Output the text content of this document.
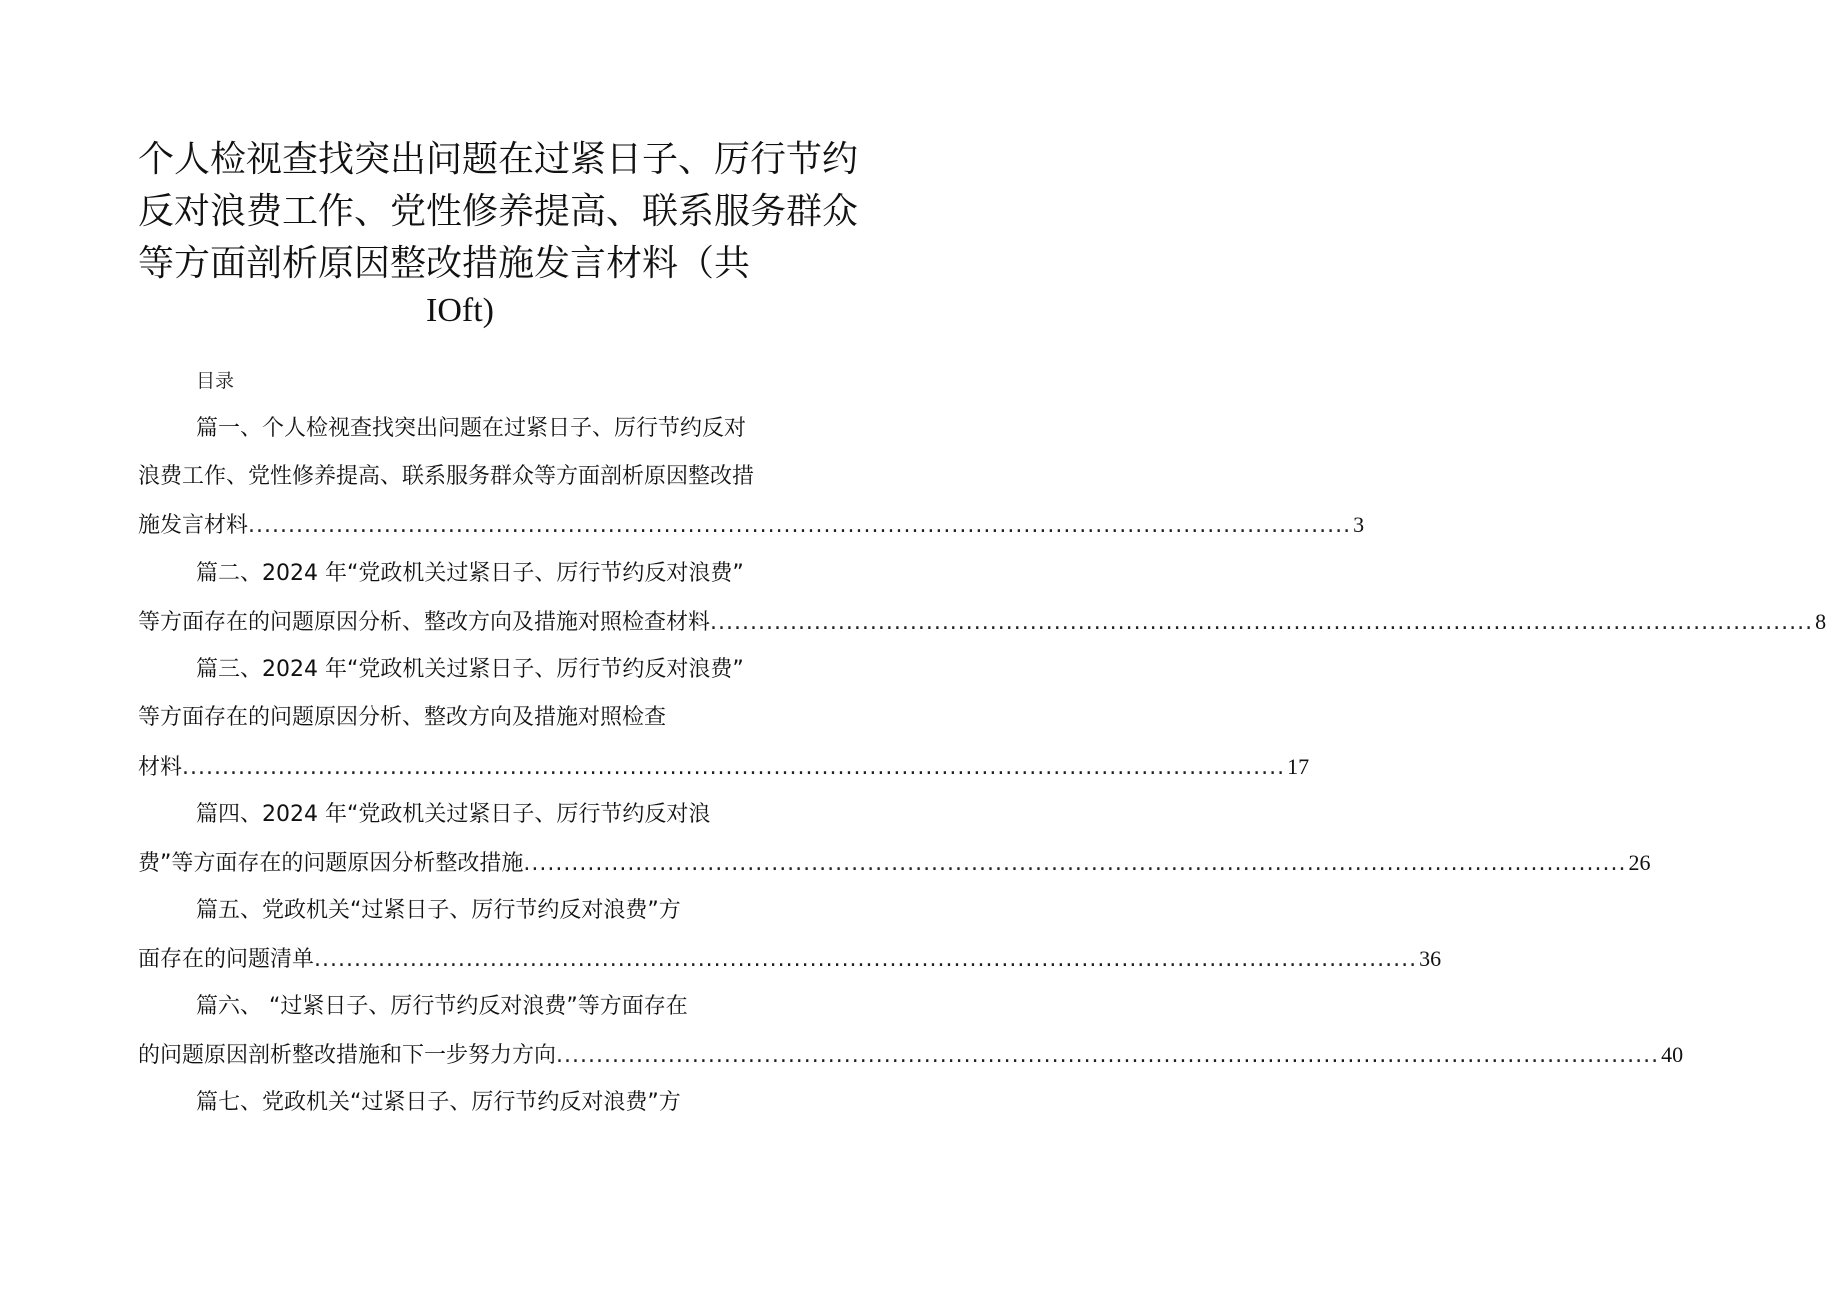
个人检视查找突出问题在过紧日子、厉行节约
反对浪费工作、党性修养提高、联系服务群众
等方面剖析原因整改措施发言材料（共
IOft)
目录
篇一、个人检视查找突出问题在过紧日子、厉行节约反对
浪费工作、党性修养提高、联系服务群众等方面剖析原因整改措
施发言材料 .......................................................................................................................................... 3
篇二、2024 年“党政机关过紧日子、厉行节约反对浪费”
等方面存在的问题原因分析、整改方向及措施对照检查材料 .......................................................................................................................................... 8
篇三、2024 年“党政机关过紧日子、厉行节约反对浪费”
等方面存在的问题原因分析、整改方向及措施对照检查
材料 .......................................................................................................................................... 17
篇四、2024 年“党政机关过紧日子、厉行节约反对浪
费”等方面存在的问题原因分析整改措施 .......................................................................................................................................... 26
篇五、党政机关“过紧日子、厉行节约反对浪费”方
面存在的问题清单 .......................................................................................................................................... 36
篇六、 “过紧日子、厉行节约反对浪费”等方面存在
的问题原因剖析整改措施和下一步努力方向 .......................................................................................................................................... 40
篇七、党政机关“过紧日子、厉行节约反对浪费”方
